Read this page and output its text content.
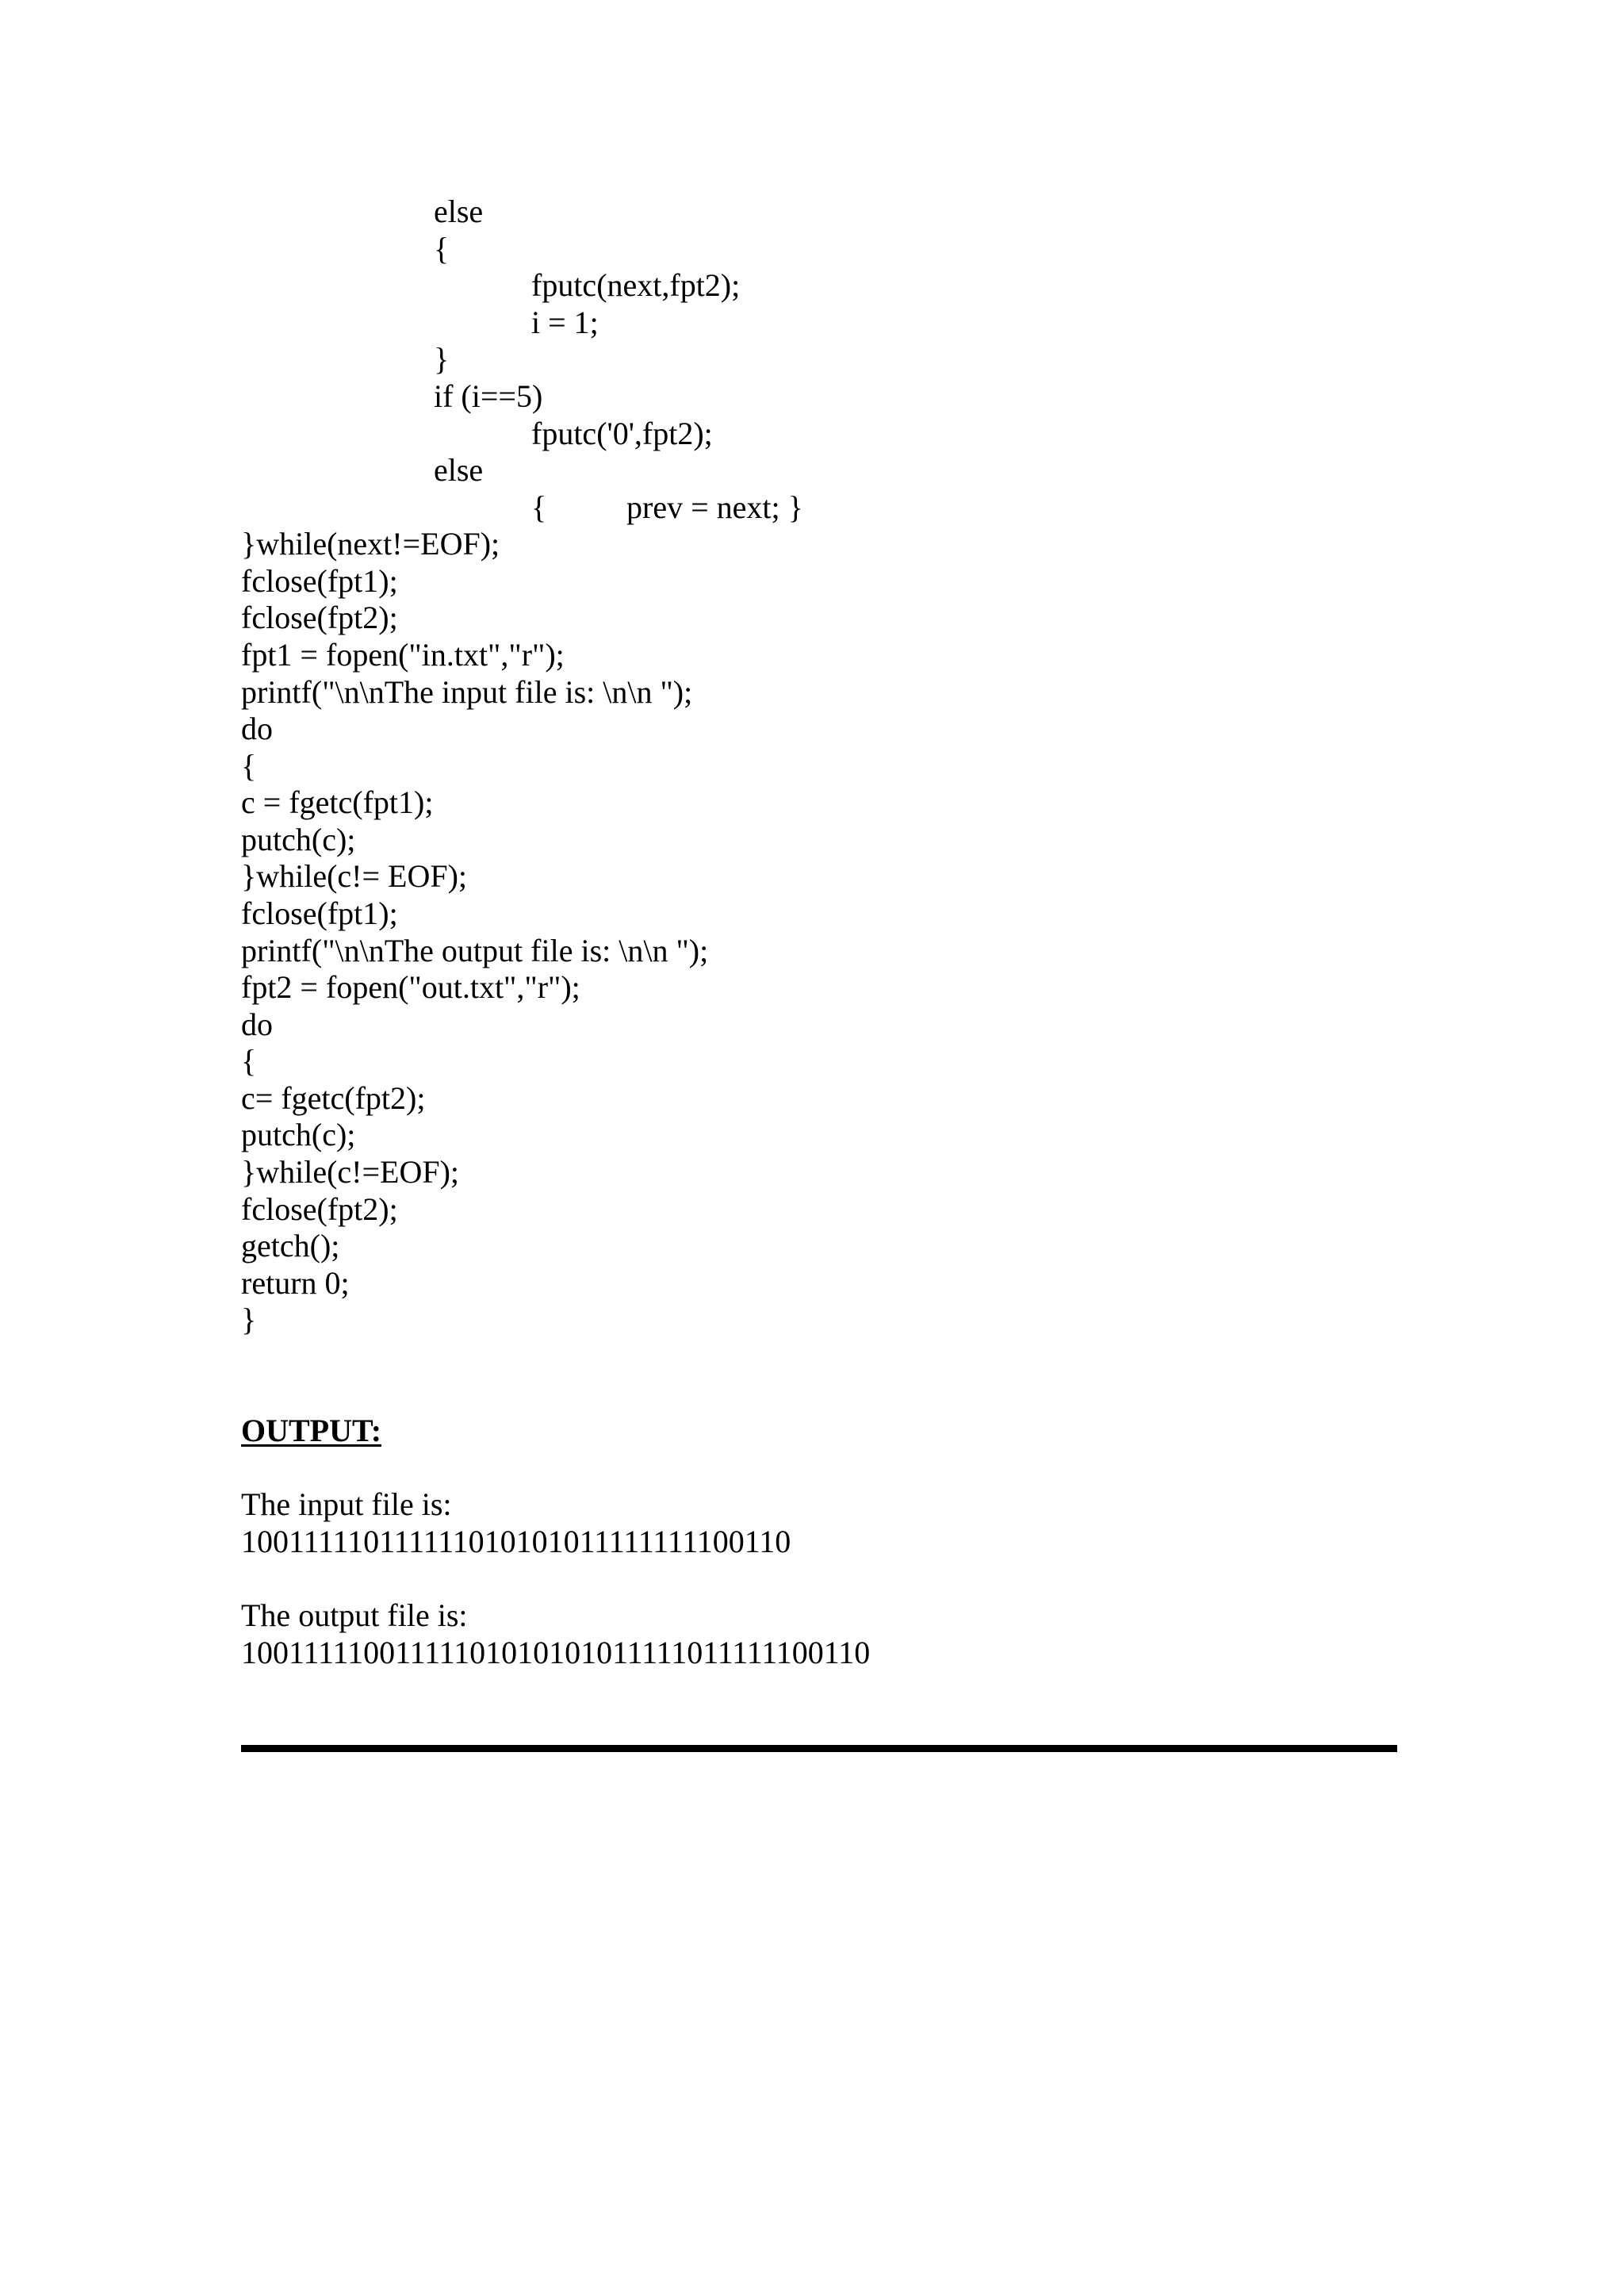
else
{
fputc(next,fpt2);
i = 1;
}
if (i==5)
fputc('0',fpt2);
else
{	prev = next; }
}while(next!=EOF);
fclose(fpt1);
fclose(fpt2);
fpt1 = fopen("in.txt","r");
printf("\n\nThe input file is: \n\n ");
do
{
c = fgetc(fpt1);
putch(c);
}while(c!= EOF);
fclose(fpt1);
printf("\n\nThe output file is: \n\n ");
fpt2 = fopen("out.txt","r");
do
{
c= fgetc(fpt2);
putch(c);
}while(c!=EOF);
fclose(fpt2);
getch();
return 0;
}
OUTPUT:
The input file is:
100111110111111010101011111111100110
The output file is:
10011111001111101010101011111011111100110
